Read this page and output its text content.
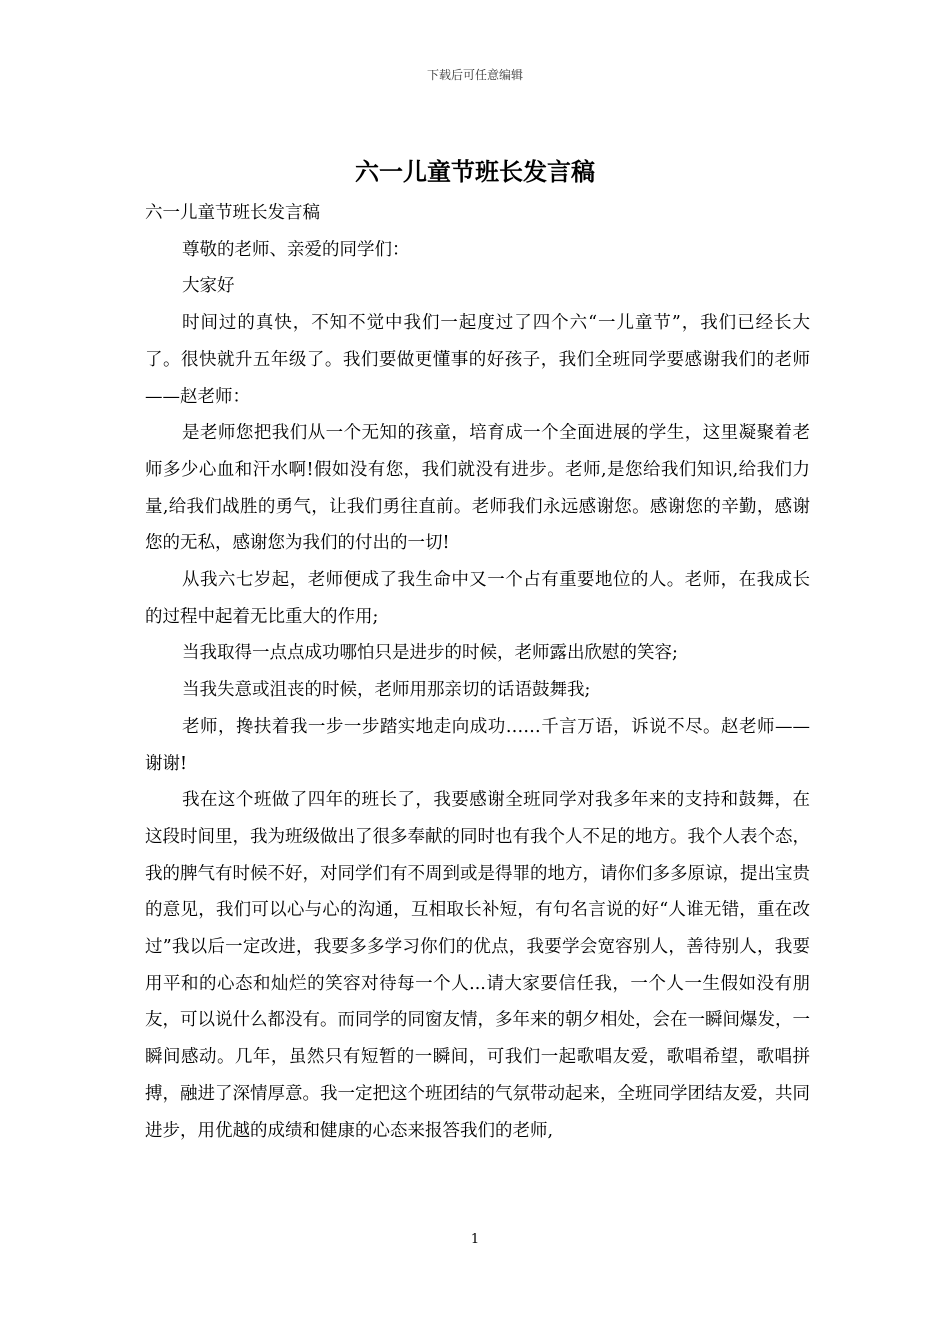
下载后可任意编辑
六一儿童节班长发言稿

六一儿童节班长发言稿

尊敬的老师、亲爱的同学们：

大家好

时间过的真快，不知不觉中我们一起度过了四个六“一儿童节”，我们已经长大了。很快就升五年级了。我们要做更懂事的好孩子，我们全班同学要感谢我们的老师——赵老师：

是老师您把我们从一个无知的孩童，培育成一个全面进展的学生，这里凝聚着老师多少心血和汗水啊!假如没有您，我们就没有进步。老师,是您给我们知识,给我们力量,给我们战胜的勇气，让我们勇往直前。老师我们永远感谢您。感谢您的辛勤，感谢您的无私，感谢您为我们的付出的一切!

从我六七岁起，老师便成了我生命中又一个占有重要地位的人。老师，在我成长的过程中起着无比重大的作用;

当我取得一点点成功哪怕只是进步的时候，老师露出欣慰的笑容;

当我失意或沮丧的时候，老师用那亲切的话语鼓舞我;

老师，搀扶着我一步一步踏实地走向成功……千言万语，诉说不尽。赵老师——谢谢!

我在这个班做了四年的班长了，我要感谢全班同学对我多年来的支持和鼓舞，在这段时间里，我为班级做出了很多奉献的同时也有我个人不足的地方。我个人表个态，我的脾气有时候不好，对同学们有不周到或是得罪的地方，请你们多多原谅，提出宝贵的意见，我们可以心与心的沟通，互相取长补短，有句名言说的好“人谁无错，重在改过”我以后一定改进，我要多多学习你们的优点，我要学会宽容别人，善待别人，我要用平和的心态和灿烂的笑容对待每一个人...请大家要信任我，一个人一生假如没有朋友，可以说什么都没有。而同学的同窗友情，多年来的朝夕相处，会在一瞬间爆发，一瞬间感动。几年，虽然只有短暂的一瞬间，可我们一起歌唱友爱，歌唱希望，歌唱拼搏，融进了深情厚意。我一定把这个班团结的气氛带动起来，全班同学团结友爱，共同进步，用优越的成绩和健康的心态来报答我们的老师,

1
